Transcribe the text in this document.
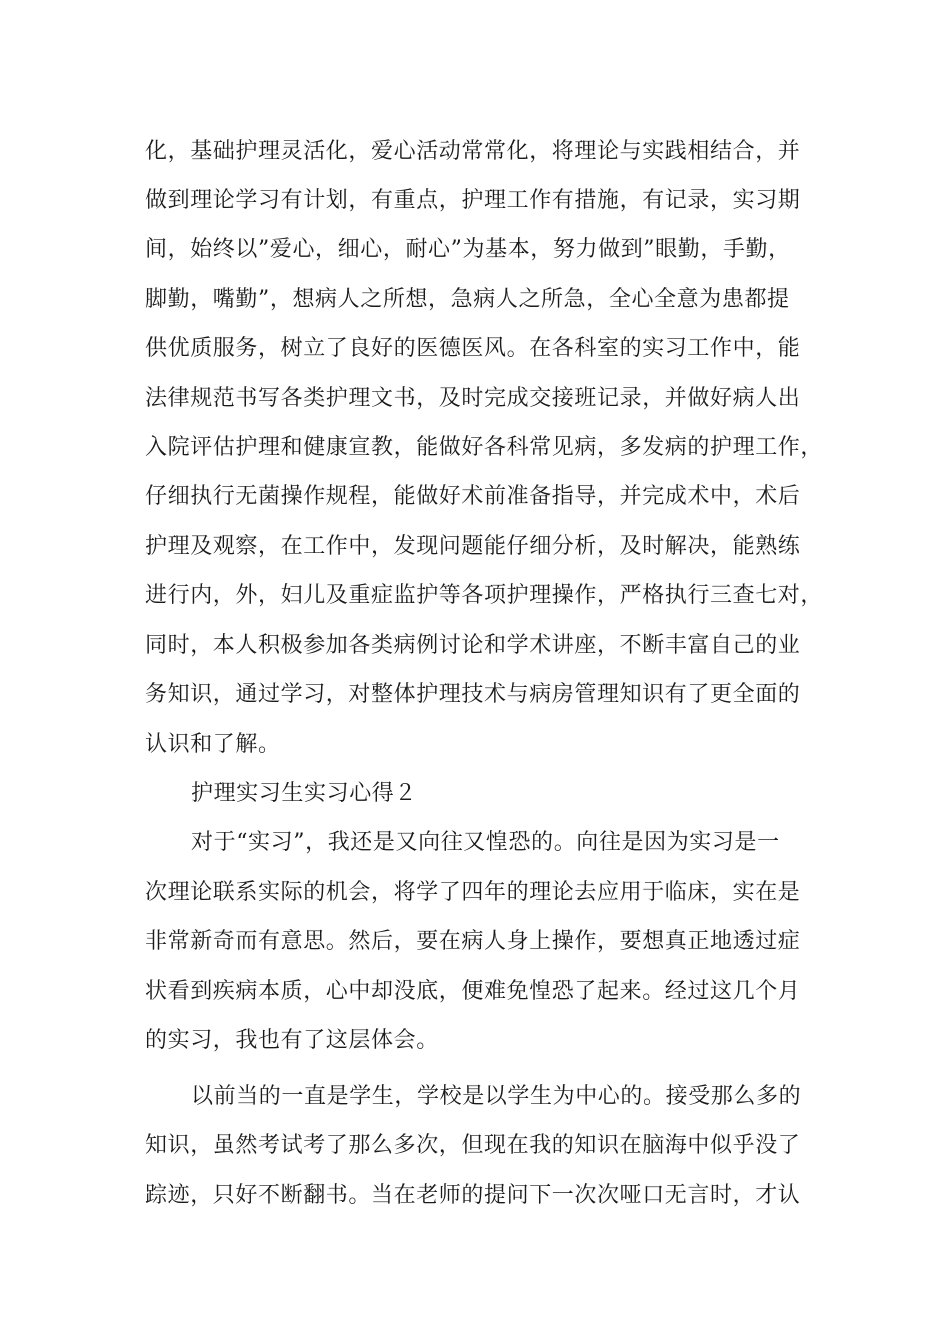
化，基础护理灵活化，爱心活动常常化，将理论与实践相结合，并
做到理论学习有计划，有重点，护理工作有措施，有记录，实习期
间，始终以”爱心，细心，耐心”为基本，努力做到”眼勤，手勤，
脚勤，嘴勤”，想病人之所想，急病人之所急，全心全意为患都提
供优质服务，树立了良好的医德医风。在各科室的实习工作中，能
法律规范书写各类护理文书，及时完成交接班记录，并做好病人出
入院评估护理和健康宣教，能做好各科常见病，多发病的护理工作，
仔细执行无菌操作规程，能做好术前准备指导，并完成术中，术后
护理及观察，在工作中，发现问题能仔细分析，及时解决，能熟练
进行内，外，妇儿及重症监护等各项护理操作，严格执行三查七对，
同时，本人积极参加各类病例讨论和学术讲座，不断丰富自己的业
务知识，通过学习，对整体护理技术与病房管理知识有了更全面的
认识和了解。
护理实习生实习心得２
对于“实习”，我还是又向往又惶恐的。向往是因为实习是一
次理论联系实际的机会，将学了四年的理论去应用于临床，实在是
非常新奇而有意思。然后，要在病人身上操作，要想真正地透过症
状看到疾病本质，心中却没底，便难免惶恐了起来。经过这几个月
的实习，我也有了这层体会。
以前当的一直是学生，学校是以学生为中心的。接受那么多的
知识，虽然考试考了那么多次，但现在我的知识在脑海中似乎没了
踪迹，只好不断翻书。当在老师的提问下一次次哑口无言时，才认
